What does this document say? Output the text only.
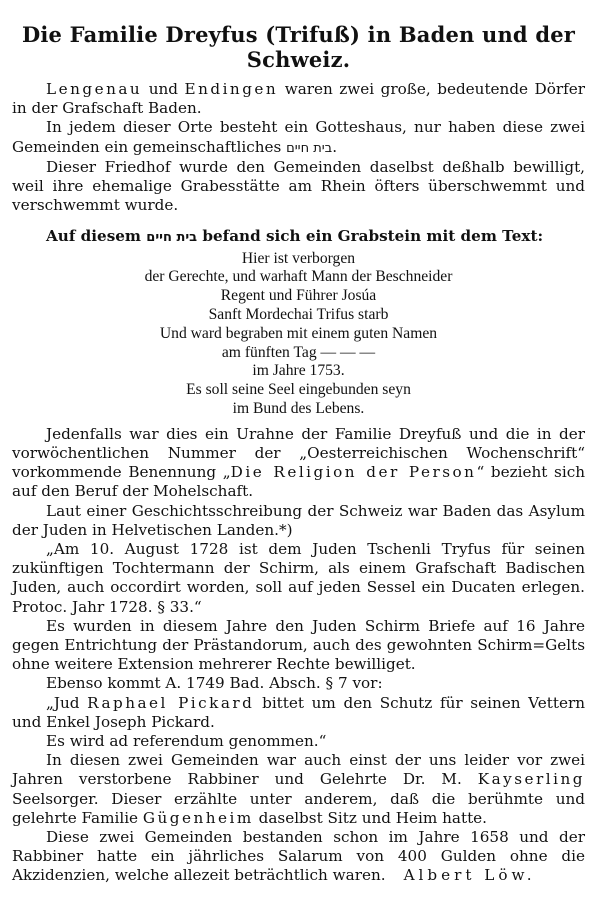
Die Familie Dreyfus (Trifuß) in Baden und der Schweiz.

Lengenau und Endingen waren zwei große, bedeutende Dörfer in der Grafschaft Baden.

In jedem dieser Orte besteht ein Gotteshaus, nur haben diese zwei Gemeinden ein gemeinschaftliches בית חיים.

Dieser Friedhof wurde den Gemeinden daselbst deßhalb bewilligt, weil ihre ehemalige Grabesstätte am Rhein öfters überschwemmt und verschwemmt wurde.

Auf diesem בית חיים befand sich ein Grabstein mit dem Text:

Hier ist verborgen
der Gerechte, und warhaft Mann der Beschneider
Regent und Führer Josúa
Sanft Mordechai Trifus starb
Und ward begraben mit einem guten Namen
am fünften Tag — — —
im Jahre 1753.
Es soll seine Seel eingebunden seyn
im Bund des Lebens.

Jedenfalls war dies ein Urahne der Familie Dreyfuß und die in der vorwöchentlichen Nummer der „Oesterreichischen Wochenschrift“ vorkommende Benennung „Die Religion der Person“ bezieht sich auf den Beruf der Mohelschaft.

Laut einer Geschichtsschreibung der Schweiz war Baden das Asylum der Juden in Helvetischen Landen.*)

„Am 10. August 1728 ist dem Juden Tschenli Tryfus für seinen zukünftigen Tochtermann der Schirm, als einem Grafschaft Badischen Juden, auch occordirt worden, soll auf jeden Sessel ein Ducaten erlegen. Protoc. Jahr 1728. § 33.“

Es wurden in diesem Jahre den Juden Schirm Briefe auf 16 Jahre gegen Entrichtung der Prästandorum, auch des gewohnten Schirm=Gelts ohne weitere Extension mehrerer Rechte bewilliget.

Ebenso kommt A. 1749 Bad. Absch. § 7 vor:

„Jud Raphael Pickard bittet um den Schutz für seinen Vettern und Enkel Joseph Pickard.

Es wird ad referendum genommen.“

In diesen zwei Gemeinden war auch einst der uns leider vor zwei Jahren verstorbene Rabbiner und Gelehrte Dr. M. Kayserling Seelsorger. Dieser erzählte unter anderem, daß die berühmte und gelehrte Familie Gügenheim daselbst Sitz und Heim hatte.

Diese zwei Gemeinden bestanden schon im Jahre 1658 und der Rabbiner hatte ein jährliches Salarum von 400 Gulden ohne die Akzidenzien, welche allezeit beträchtlich waren. Albert Löw.
